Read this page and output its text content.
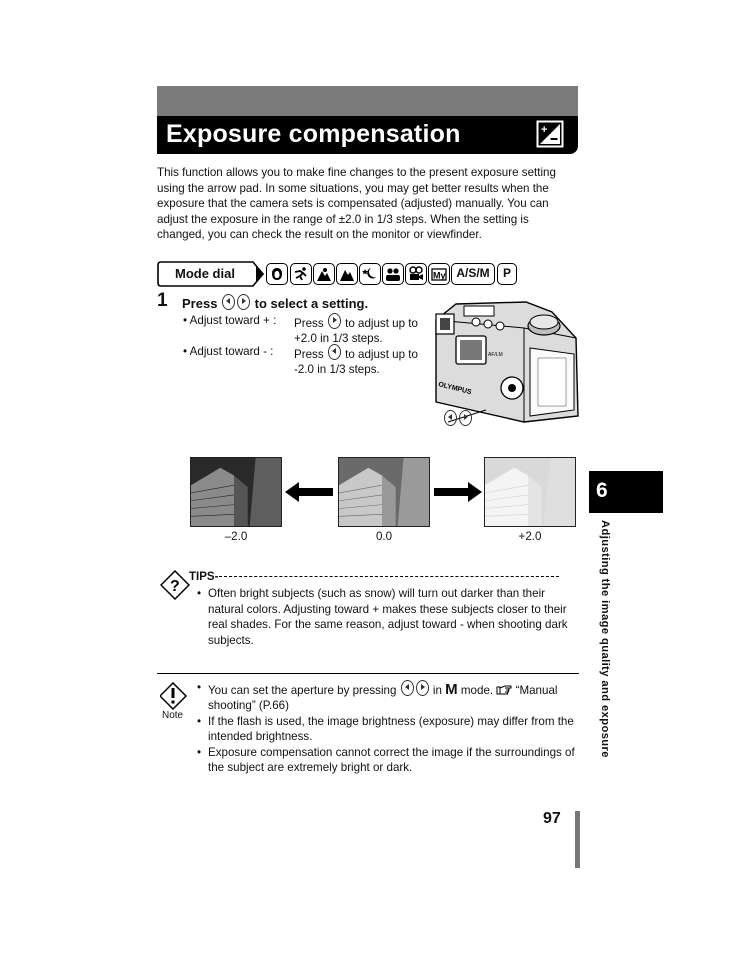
Exposure compensation	+
This function allows you to make fine changes to the present exposure setting using the arrow pad. In some situations, you may get better results when the exposure that the camera sets is compensated (adjusted) manually. You can adjust the exposure in the range of ±2.0 in 1/3 steps. When the setting is changed, you can check the result on the monitor or viewfinder.
Mode dial	My A/S/M	P
1 Press	to select a setting.
• Adjust toward + :	Press to adjust up to
+2.0 in 1/3 steps.
• Adjust toward - :	Press to adjust up to
-2.0 in 1/3 steps.
AF/LM
OLYMPUS
–2.0	0.0	+2.0
6
Adjusting the image quality and exposure
?
TIPS-
• Often bright subjects (such as snow) will turn out darker than their natural colors. Adjusting toward + makes these subjects closer to their real shades. For the same reason, adjust toward - when shooting dark subjects.
Note
• You can set the aperture by pressing	in M mode. “Manual shooting” (P.66)
• If the flash is used, the image brightness (exposure) may differ from the intended brightness.
• Exposure compensation cannot correct the image if the surroundings of the subject are extremely bright or dark.
97
